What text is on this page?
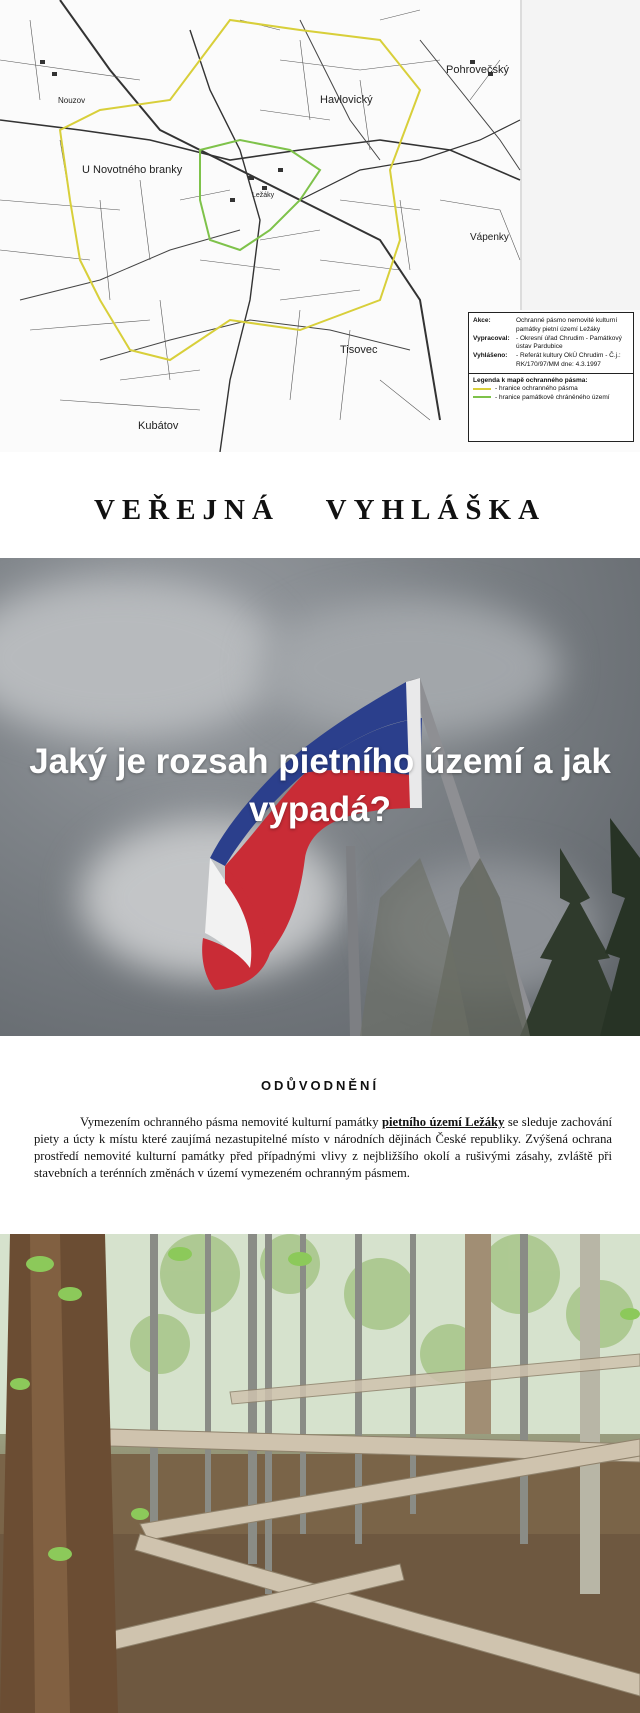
Nouzov
U Novotného branky
Havlovický
Pohrovečský
Ležáky
Vápenky
Tisovec
Kubátov
Akce:	Ochranné pásmo nemovité kulturní památky pietní území Ležáky
Vypracoval: - Okresní úřad Chrudim - Památkový ústav Pardubice
Vyhlášeno:	- Referát kultury OkÚ Chrudim - Č.j.: RK/170/97/MM dne: 4.3.1997
Legenda k mapě ochranného pásma:
- hranice ochranného pásma
- hranice památkově chráněného území
VEŘEJNÁ VYHLÁŠKA
Jaký je rozsah pietního území a jak vypadá?
ODŮVODNĚNÍ
Vymezením ochranného pásma nemovité kulturní památky pietního území Ležáky se sleduje zachování piety a úcty k místu které zaujímá nezastupitelné místo v národních dějinách České republiky. Zvýšená ochrana prostředí nemovité kulturní památky před případnými vlivy z nejbližšího okolí a rušivými zásahy, zvláště při stavebních a terénních změnách v území vymezeném ochranným pásmem.
